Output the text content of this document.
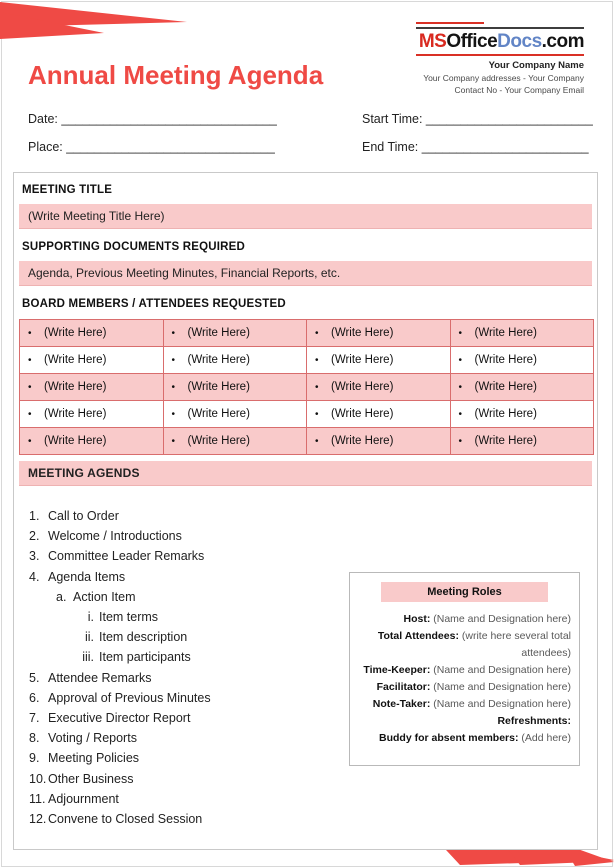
MSOfficeDocs.com
Your Company Name
Your Company addresses - Your Company
Contact No - Your Company Email
Annual Meeting Agenda
Date: _______________________________
Place: ______________________________
Start Time: ________________________
End Time: ________________________
MEETING TITLE
(Write Meeting Title Here)
SUPPORTING DOCUMENTS REQUIRED
Agenda, Previous Meeting Minutes, Financial Reports, etc.
BOARD MEMBERS / ATTENDEES REQUESTED
• (Write Here)	• (Write Here)	• (Write Here)	• (Write Here)
• (Write Here)	• (Write Here)	• (Write Here)	• (Write Here)
• (Write Here)	• (Write Here)	• (Write Here)	• (Write Here)
• (Write Here)	• (Write Here)	• (Write Here)	• (Write Here)
• (Write Here)	• (Write Here)	• (Write Here)	• (Write Here)
MEETING AGENDS
1. Call to Order
2. Welcome / Introductions
3. Committee Leader Remarks
4. Agenda Items
a. Action Item
i. Item terms
ii. Item description
iii. Item participants
5. Attendee Remarks
6. Approval of Previous Minutes
7. Executive Director Report
8. Voting / Reports
9. Meeting Policies
10. Other Business
11. Adjournment
12. Convene to Closed Session
Meeting Roles
Host: (Name and Designation here)
Total Attendees: (write here several total attendees)
Time-Keeper: (Name and Designation here)
Facilitator: (Name and Designation here)
Note-Taker: (Name and Designation here)
Refreshments:
Buddy for absent members: (Add here)
